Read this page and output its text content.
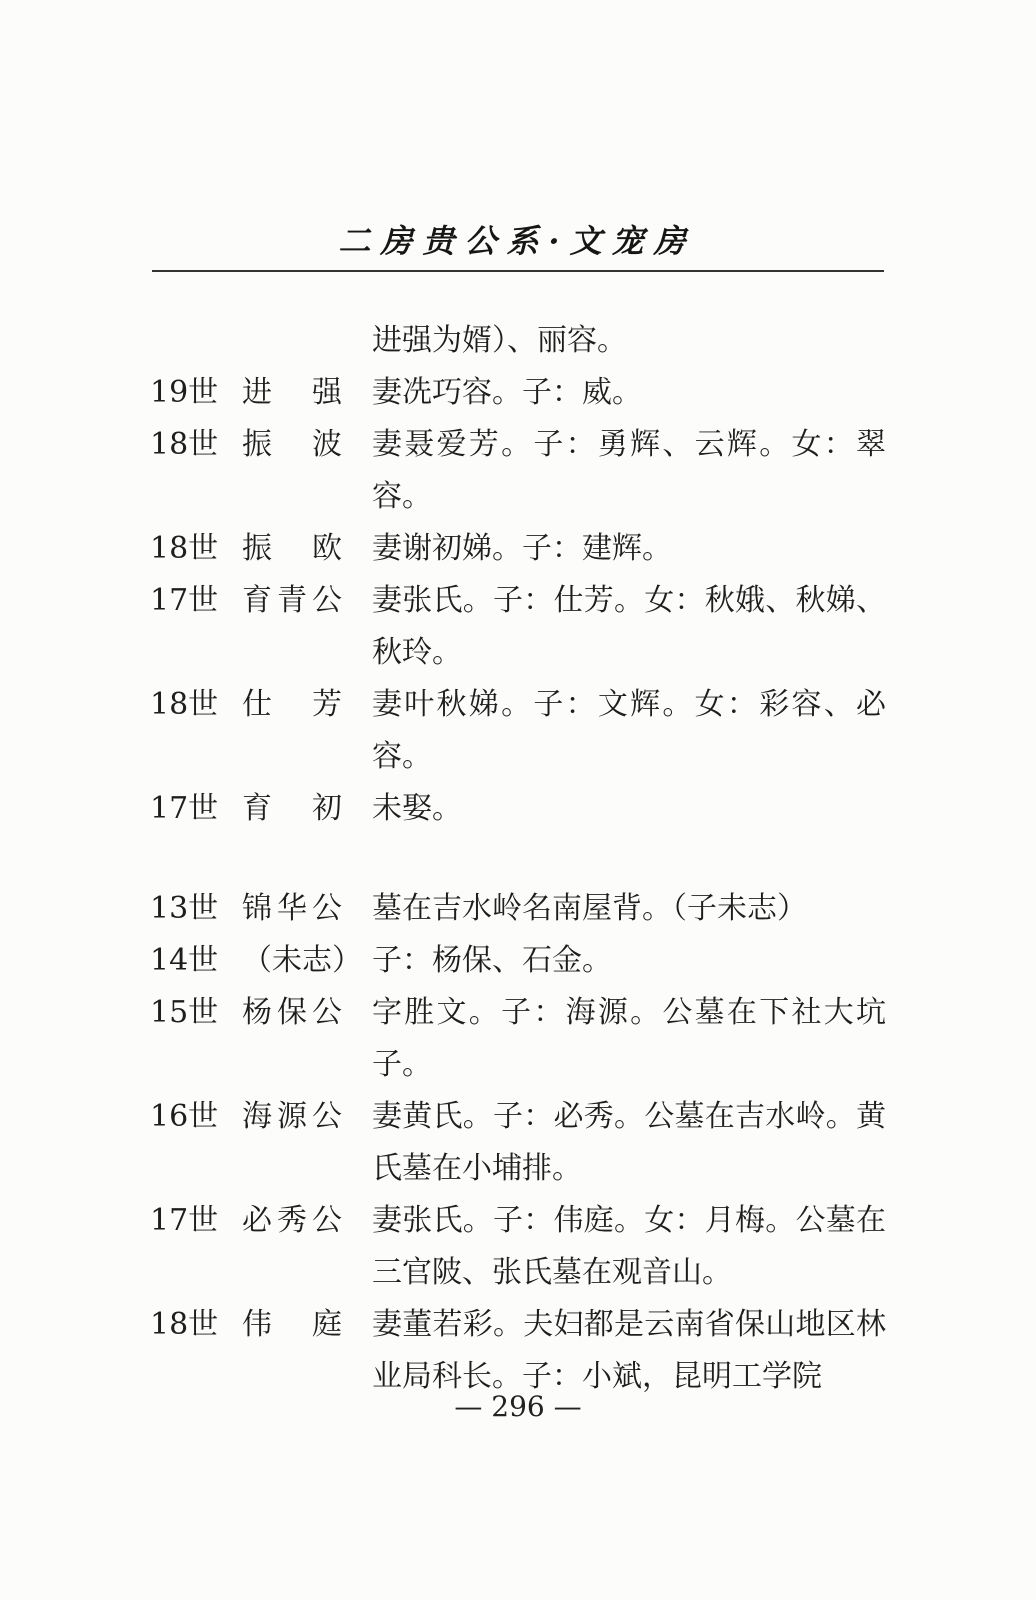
二房贵公系·文宠房
进强为婿）、丽容。
19世 进　强 妻冼巧容。子：威。
18世 振　波 妻聂爱芳。子：勇辉、云辉。女：翠容。
18世 振　欧 妻谢初娣。子：建辉。
17世 育青公 妻张氏。子：仕芳。女：秋娥、秋娣、秋玲。
18世 仕　芳 妻叶秋娣。子：文辉。女：彩容、必容。
17世 育　初 未娶。
13世 锦华公 墓在吉水岭名南屋背。（子未志）
14世 （未志） 子：杨保、石金。
15世 杨保公 字胜文。子：海源。公墓在下社大坑子。
16世 海源公 妻黄氏。子：必秀。公墓在吉水岭。黄氏墓在小埔排。
17世 必秀公 妻张氏。子：伟庭。女：月梅。公墓在三官陂、张氏墓在观音山。
18世 伟　庭 妻董若彩。夫妇都是云南省保山地区林业局科长。子：小斌，昆明工学院
— 296 —
